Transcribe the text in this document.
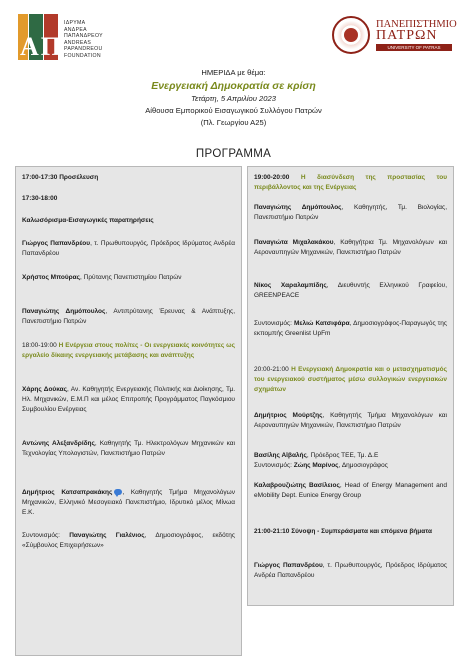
ΑΠ
ΙΔΡΥΜΑ
ΑΝΔΡΕΑ
ΠΑΠΑΝΔΡΕΟΥ
ANDREAS
PAPANDREOU
FOUNDATION
ΠΑΝΕΠΙΣΤΗΜΙΟ
ΠΑΤΡΩΝ
UNIVERSITY OF PATRAS
ΗΜΕΡΙΔΑ με θέμα:
Ενεργειακή Δημοκρατία σε κρίση
Τετάρτη, 5 Απριλίου 2023
Αίθουσα Εμπορικού Εισαγωγικού Συλλόγου Πατρών
(Πλ. Γεωργίου Α25)
ΠΡΟΓΡΑΜΜΑ
17:00-17:30 Προσέλευση
17:30-18:00
Καλωσόρισμα-Εισαγωγικές παρατηρήσεις
Γιώργος Παπανδρέου, τ. Πρωθυπουργός, Πρόεδρος Ιδρύματος Ανδρέα Παπανδρέου
Χρήστος Μπούρας, Πρύτανης Πανεπιστημίου Πατρών
Παναγιώτης Δημόπουλος, Αντιπρύτανης Έρευνας & Ανάπτυξης, Πανεπιστήμιο Πατρών
18:00-19:00 Η Ενέργεια στους πολίτες - Οι ενεργειακές κοινότητες ως εργαλείο δίκαιης ενεργειακής μετάβασης και ανάπτυξης
Χάρης Δούκας, Αν. Καθηγητής Ενεργειακής Πολιτικής και Διοίκησης, Τμ. Ηλ. Μηχανικών, Ε.Μ.Π και μέλος Επιτροπής Προγράμματος Παγκόσμιου Συμβουλίου Ενέργειας
Αντώνης Αλεξανδρίδης, Καθηγητής Τμ. Ηλεκτρολόγων Μηχανικών και Τεχνολογίας Υπολογιστών, Πανεπιστήμιο Πατρών
Δημήτριος Κατσαπρακάκης , Καθηγητής Τμήμα Μηχανολόγων Μηχανικών, Ελληνικό Μεσογειακό Πανεπιστήμιο, Ιδρυτικό μέλος Μίνωα Ε.Κ.
Συντονισμός: Παναγιώτης Γιαλένιος, Δημοσιογράφος, εκδότης «Σύμβουλος Επιχειρήσεων»
19:00-20:00 Η διασύνδεση της προστασίας του περιβάλλοντος και της Ενέργειας
Παναγιώτης Δημόπουλος, Καθηγητής, Τμ. Βιολογίας, Πανεπιστήμιο Πατρών
Παναγιώτα Μιχαλακάκου, Καθηγήτρια Τμ. Μηχανολόγων και Αεροναυπηγών Μηχανικών, Πανεπιστήμιο Πατρών
Νίκος Χαραλαμπίδης, Διευθυντής Ελληνικού Γραφείου, GREENPEACE
Συντονισμός: Μελιώ Κατσιφάρα, Δημοσιογράφος-Παραγωγός της εκπομπής Greenlist UpFm
20:00-21:00 Η Ενεργειακή Δημοκρατία και ο μετασχηματισμός του ενεργειακού συστήματος μέσω συλλογικών ενεργειακών σχημάτων
Δημήτριος Μούρτζης, Καθηγητής Τμήμα Μηχανολόγων και Αεροναυπηγών Μηχανικών, Πανεπιστήμιο Πατρών
Βασίλης Αϊβαλής, Πρόεδρος ΤΕΕ, Τμ. Δ.Ε
Συντονισμός: Ζώης Μαρίνος, Δημοσιογράφος
Καλαβρουζιώτης Βασίλειος, Head of Energy Management and eMobility Dept. Eunice Energy Group
21:00-21:10 Σύνοψη - Συμπεράσματα και επόμενα βήματα
Γιώργος Παπανδρέου, τ. Πρωθυπουργός, Πρόεδρος Ιδρύματος Ανδρέα Παπανδρέου
